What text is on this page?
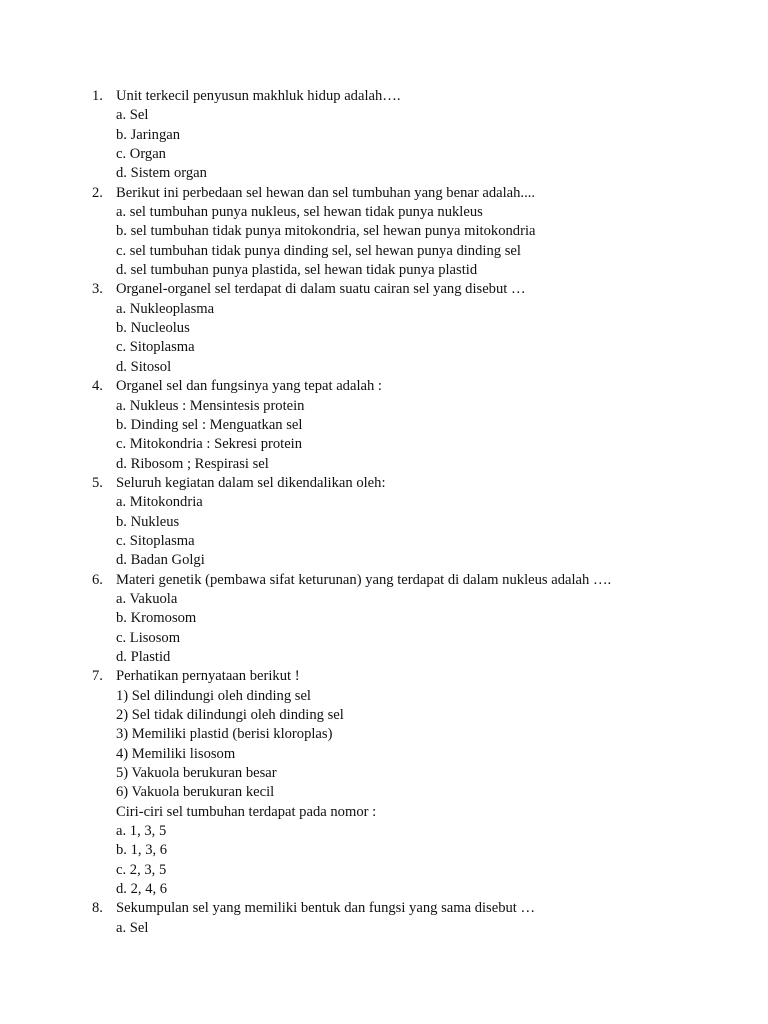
1. Unit terkecil penyusun makhluk hidup adalah….
a. Sel
b. Jaringan
c. Organ
d. Sistem organ
2. Berikut ini perbedaan sel hewan dan sel tumbuhan yang benar adalah....
a. sel tumbuhan punya nukleus, sel hewan tidak punya nukleus
b. sel tumbuhan tidak punya mitokondria, sel hewan punya mitokondria
c. sel tumbuhan tidak punya dinding sel, sel hewan punya dinding sel
d. sel tumbuhan punya plastida, sel hewan tidak punya plastid
3. Organel-organel sel terdapat di dalam suatu cairan sel yang disebut …
a. Nukleoplasma
b. Nucleolus
c. Sitoplasma
d. Sitosol
4. Organel sel dan fungsinya yang tepat adalah :
a. Nukleus : Mensintesis protein
b. Dinding sel : Menguatkan sel
c. Mitokondria : Sekresi protein
d. Ribosom ; Respirasi sel
5. Seluruh kegiatan dalam sel dikendalikan oleh:
a. Mitokondria
b. Nukleus
c. Sitoplasma
d. Badan Golgi
6. Materi genetik (pembawa sifat keturunan) yang terdapat di dalam nukleus adalah ….
a. Vakuola
b. Kromosom
c. Lisosom
d. Plastid
7. Perhatikan pernyataan berikut !
1) Sel dilindungi oleh dinding sel
2) Sel tidak dilindungi oleh dinding sel
3) Memiliki plastid (berisi kloroplas)
4) Memiliki lisosom
5) Vakuola berukuran besar
6) Vakuola berukuran kecil
Ciri-ciri sel tumbuhan terdapat pada nomor :
a. 1, 3, 5
b. 1, 3, 6
c. 2, 3, 5
d. 2, 4, 6
8. Sekumpulan sel yang memiliki bentuk dan fungsi yang sama disebut …
a. Sel
